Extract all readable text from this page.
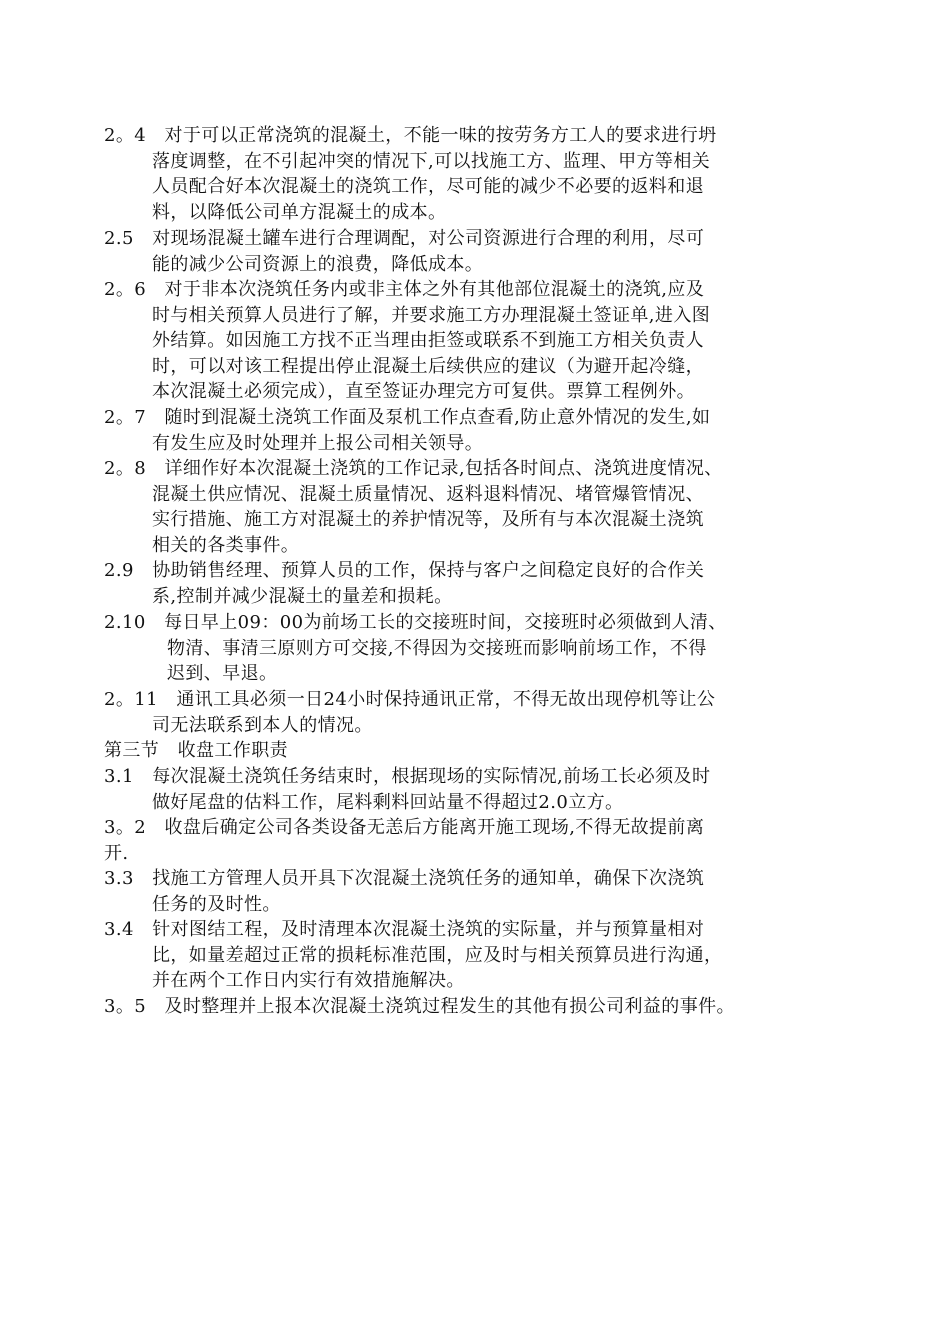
2。4　对于可以正常浇筑的混凝土，不能一味的按劳务方工人的要求进行坍
落度调整，在不引起冲突的情况下,可以找施工方、监理、甲方等相关
人员配合好本次混凝土的浇筑工作，尽可能的减少不必要的返料和退
料，以降低公司单方混凝土的成本。
2.5　对现场混凝土罐车进行合理调配，对公司资源进行合理的利用，尽可
能的减少公司资源上的浪费，降低成本。
2。6　对于非本次浇筑任务内或非主体之外有其他部位混凝土的浇筑,应及
时与相关预算人员进行了解，并要求施工方办理混凝土签证单,进入图
外结算。如因施工方找不正当理由拒签或联系不到施工方相关负责人
时，可以对该工程提出停止混凝土后续供应的建议（为避开起冷缝，
本次混凝土必须完成），直至签证办理完方可复供。票算工程例外。
2。7　随时到混凝土浇筑工作面及泵机工作点查看,防止意外情况的发生,如
有发生应及时处理并上报公司相关领导。
2。8　详细作好本次混凝土浇筑的工作记录,包括各时间点、浇筑进度情况、
混凝土供应情况、混凝土质量情况、返料退料情况、堵管爆管情况、
实行措施、施工方对混凝土的养护情况等，及所有与本次混凝土浇筑
相关的各类事件。
2.9　协助销售经理、预算人员的工作，保持与客户之间稳定良好的合作关
系,控制并减少混凝土的量差和损耗。
2.10　每日早上09：00为前场工长的交接班时间，交接班时必须做到人清、
物清、事清三原则方可交接,不得因为交接班而影响前场工作，不得
迟到、早退。
2。11　通讯工具必须一日24小时保持通讯正常，不得无故出现停机等让公
司无法联系到本人的情况。
第三节　收盘工作职责
3.1　每次混凝土浇筑任务结束时，根据现场的实际情况,前场工长必须及时
做好尾盘的估料工作，尾料剩料回站量不得超过2.0立方。
3。2　收盘后确定公司各类设备无恙后方能离开施工现场,不得无故提前离
开.
3.3　找施工方管理人员开具下次混凝土浇筑任务的通知单，确保下次浇筑
任务的及时性。
3.4　针对图结工程，及时清理本次混凝土浇筑的实际量，并与预算量相对
比，如量差超过正常的损耗标准范围，应及时与相关预算员进行沟通，
并在两个工作日内实行有效措施解决。
3。5　及时整理并上报本次混凝土浇筑过程发生的其他有损公司利益的事件。
